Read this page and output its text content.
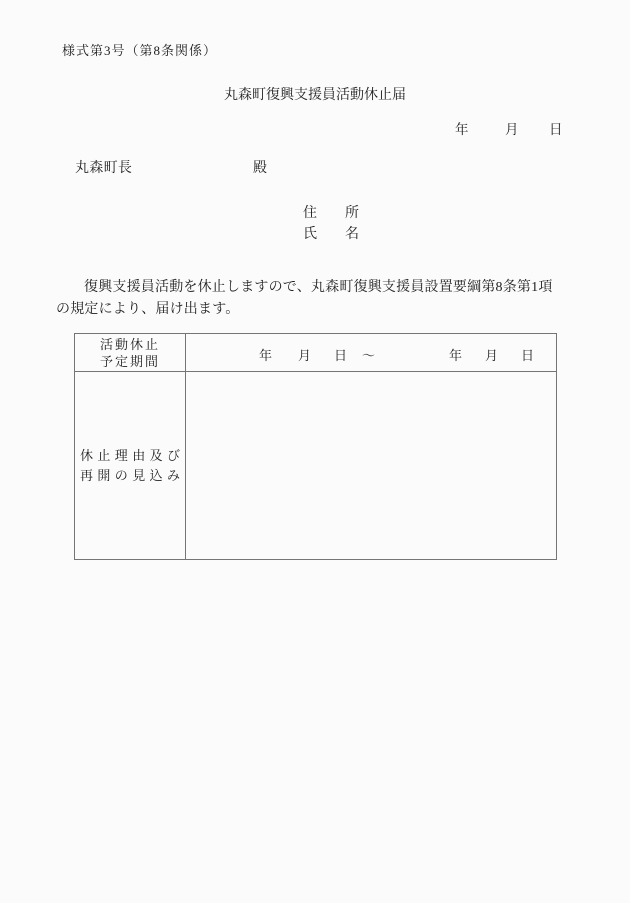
様式第3号（第8条関係）
丸森町復興支援員活動休止届
年	月 日
丸森町長	殿
住　所
氏　名
復興支援員活動を休止しますので、丸森町復興支援員設置要綱第8条第1項
の規定により、届け出ます。
活動休止
予定期間	年 月 日 ～	年 月 日
休止理由及び
再開の見込み
